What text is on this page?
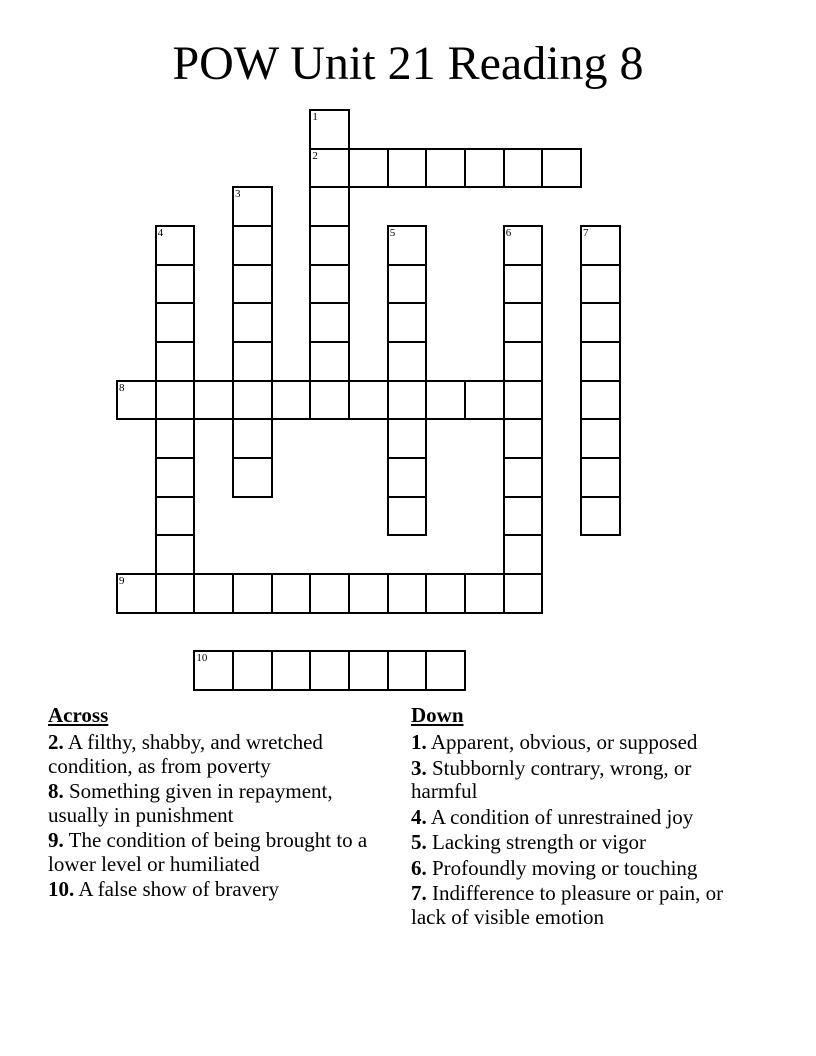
POW Unit 21 Reading 8
1
2
3
4	5	6	7
8
9
10
Across
2. A filthy, shabby, and wretched condition, as from poverty
8. Something given in repayment, usually in punishment
9. The condition of being brought to a lower level or humiliated
10. A false show of bravery
Down
1. Apparent, obvious, or supposed
3. Stubbornly contrary, wrong, or harmful
4. A condition of unrestrained joy
5. Lacking strength or vigor
6. Profoundly moving or touching
7. Indifference to pleasure or pain, or lack of visible emotion
